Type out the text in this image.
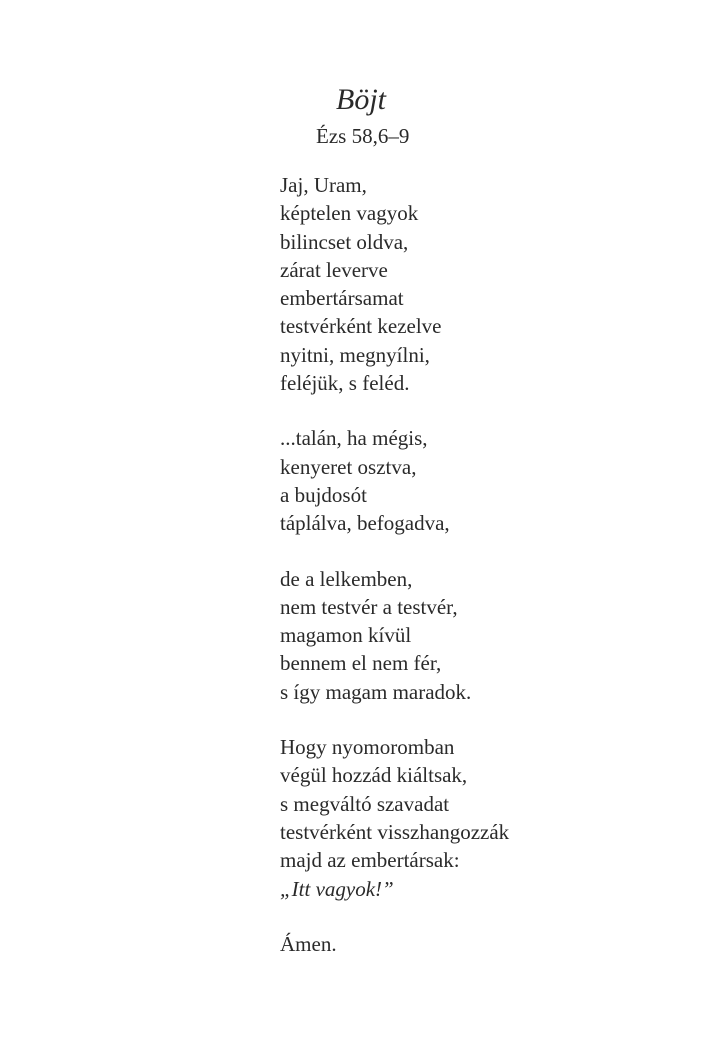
Böjt

Ézs 58,6–9

Jaj, Uram,
képtelen vagyok
bilincset oldva,
zárat leverve
embertársamat
testvérként kezelve
nyitni, megnyílni,
feléjük, s feléd.
...talán, ha mégis,
kenyeret osztva,
a bujdosót
táplálva, befogadva,
de a lelkemben,
nem testvér a testvér,
magamon kívül
bennem el nem fér,
s így magam maradok.
Hogy nyomoromban
végül hozzád kiáltsak,
s megváltó szavadat
testvérként visszhangozzák
majd az embertársak:
„Itt vagyok!”
Ámen.
